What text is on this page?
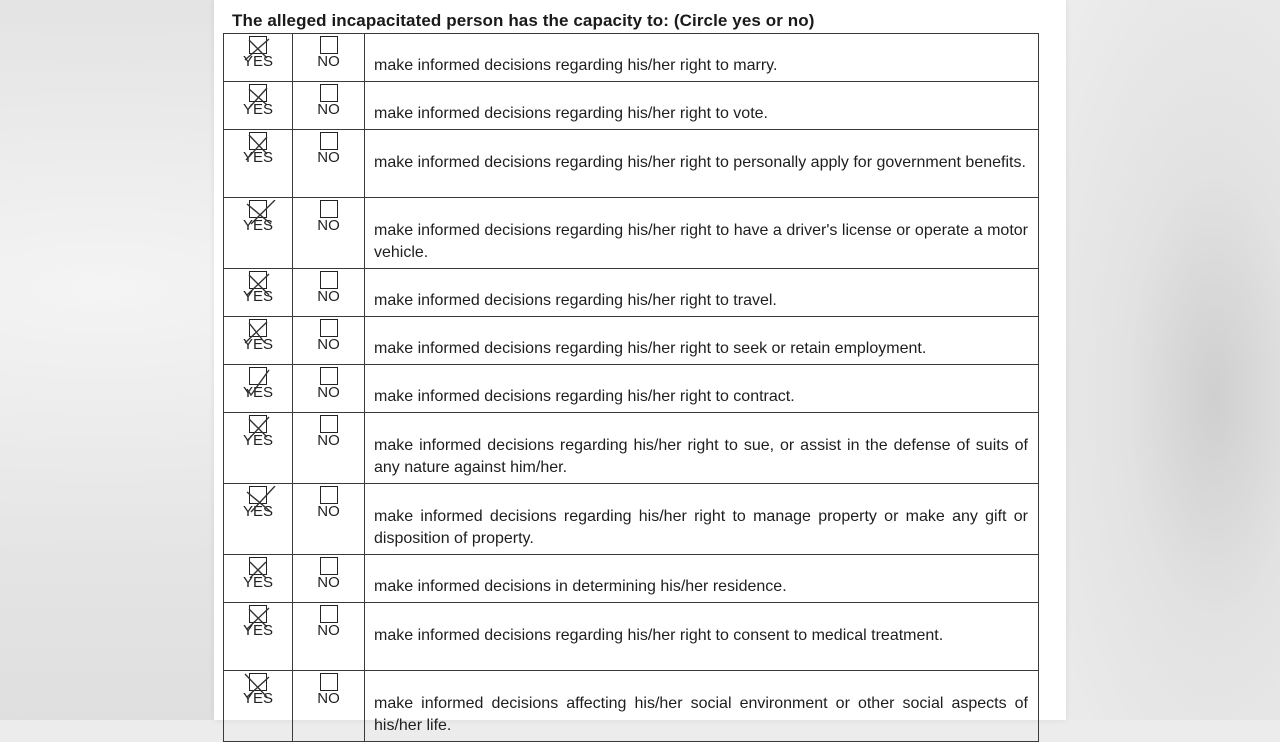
The alleged incapacitated person has the capacity to: (Circle yes or no)
YES	NO	make informed decisions regarding his/her right to marry.

YES	NO	make informed decisions regarding his/her right to vote.

YES	NO	make informed decisions regarding his/her right to personally apply for government benefits.

YES	NO	make informed decisions regarding his/her right to have a driver's license or operate a motor vehicle.

YES	NO	make informed decisions regarding his/her right to travel.

YES	NO	make informed decisions regarding his/her right to seek or retain employment.

YES	NO	make informed decisions regarding his/her right to contract.

YES	NO	make informed decisions regarding his/her right to sue, or assist in the defense of suits of any nature against him/her.

YES	NO	make informed decisions regarding his/her right to manage property or make any gift or disposition of property.

YES	NO	make informed decisions in determining his/her residence.

YES	NO	make informed decisions regarding his/her right to consent to medical treatment.

YES	NO	make informed decisions affecting his/her social environment or other social aspects of his/her life.
